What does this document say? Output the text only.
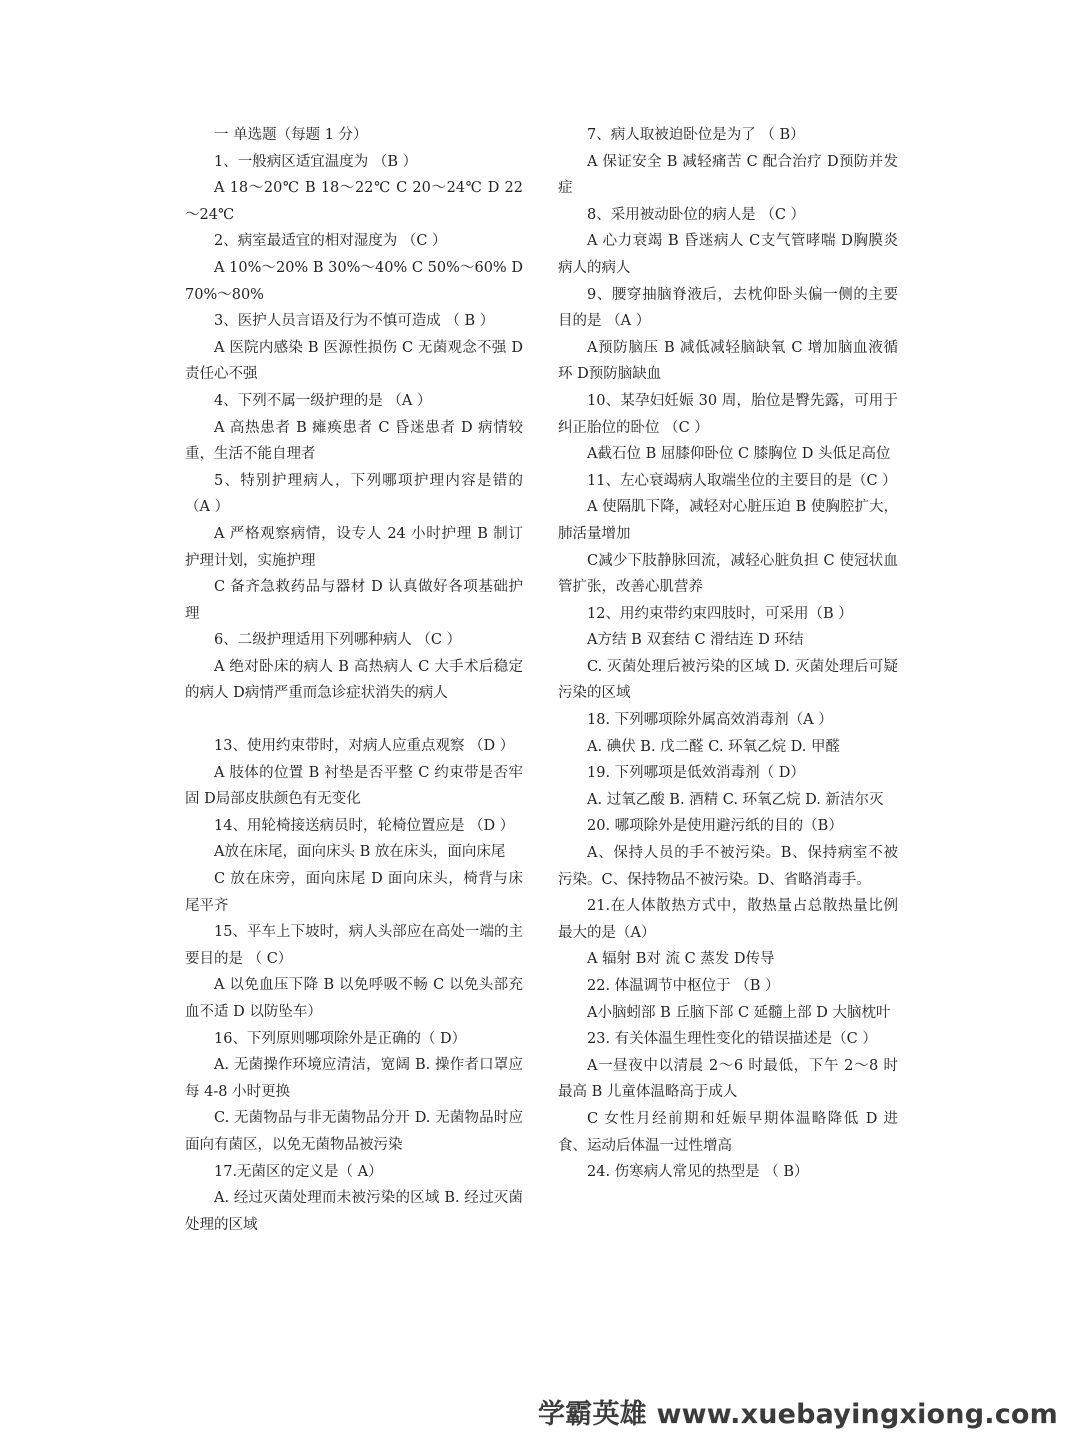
一 单选题（每题 1 分）

1、一般病区适宜温度为 （B ）

A 18～20℃ B 18～22℃ C 20～24℃ D 22～24℃

2、病室最适宜的相对湿度为 （C ）

A 10%～20% B 30%～40% C 50%～60% D 70%～80%

3、医护人员言语及行为不慎可造成 （ B ）

A 医院内感染 B 医源性损伤 C 无菌观念不强 D 责任心不强

4、下列不属一级护理的是 （A ）

A 高热患者 B 瘫痪患者 C 昏迷患者 D 病情较重，生活不能自理者

5、特别护理病人，下列哪项护理内容是错的（A ）

A 严格观察病情，设专人 24 小时护理 B 制订护理计划，实施护理

C 备齐急救药品与器材 D 认真做好各项基础护理

6、二级护理适用下列哪种病人 （C ）

A 绝对卧床的病人 B 高热病人 C 大手术后稳定的病人 D病情严重而急诊症状消失的病人

13、使用约束带时，对病人应重点观察 （D ）

A 肢体的位置 B 衬垫是否平整 C 约束带是否牢固 D局部皮肤颜色有无变化

14、用轮椅接送病员时，轮椅位置应是 （D ）

A放在床尾，面向床头 B 放在床头，面向床尾

C 放在床旁，面向床尾 D 面向床头，椅背与床尾平齐

15、平车上下坡时，病人头部应在高处一端的主要目的是 （ C）

A 以免血压下降 B 以免呼吸不畅 C 以免头部充血不适 D 以防坠车）

16、下列原则哪项除外是正确的（ D）

A. 无菌操作环境应清洁，宽阔 B. 操作者口罩应每 4-8 小时更换

C. 无菌物品与非无菌物品分开 D. 无菌物品时应面向有菌区，以免无菌物品被污染

17.无菌区的定义是（ A）

A. 经过灭菌处理而未被污染的区域 B. 经过灭菌处理的区域

7、病人取被迫卧位是为了 （ B）

A 保证安全 B 减轻痛苦 C 配合治疗 D预防并发症

8、采用被动卧位的病人是 （C ）

A 心力衰竭 B 昏迷病人 C支气管哮喘 D胸膜炎病人的病人

9、腰穿抽脑脊液后，去枕仰卧头偏一侧的主要目的是 （A ）

A预防脑压 B 减低减轻脑缺氧 C 增加脑血液循环 D预防脑缺血

10、某孕妇妊娠 30 周，胎位是臀先露，可用于纠正胎位的卧位 （C ）

A截石位 B 屈膝仰卧位 C 膝胸位 D 头低足高位

11、左心衰竭病人取端坐位的主要目的是（C ）

A 使隔肌下降，减轻对心脏压迫 B 使胸腔扩大，肺活量增加

C减少下肢静脉回流，减轻心脏负担 C 使冠状血管扩张，改善心肌营养

12、用约束带约束四肢时，可采用（B ）

A方结 B 双套结 C 滑结连 D 环结

C. 灭菌处理后被污染的区域 D. 灭菌处理后可疑污染的区域

18. 下列哪项除外属高效消毒剂（A ）

A. 碘伏 B. 戊二醛 C. 环氧乙烷 D. 甲醛

19. 下列哪项是低效消毒剂（ D）

A. 过氧乙酸 B. 酒精 C. 环氧乙烷 D. 新洁尔灭

20. 哪项除外是使用避污纸的目的（B）

A、保持人员的手不被污染。B、保持病室不被污染。C、保持物品不被污染。D、省略消毒手。

21.在人体散热方式中，散热量占总散热量比例最大的是（A）

A 辐射 B对 流 C 蒸发 D传导

22. 体温调节中枢位于 （B ）

A小脑蚓部 B 丘脑下部 C 延髓上部 D 大脑枕叶

23. 有关体温生理性变化的错误描述是（C ）

A一昼夜中以清晨 2～6 时最低，下午 2～8 时最高 B 儿童体温略高于成人

C 女性月经前期和妊娠早期体温略降低 D 进食、运动后体温一过性增高

24. 伤寒病人常见的热型是 （ B）

学霸英雄 www.xuebayingxiong.com
